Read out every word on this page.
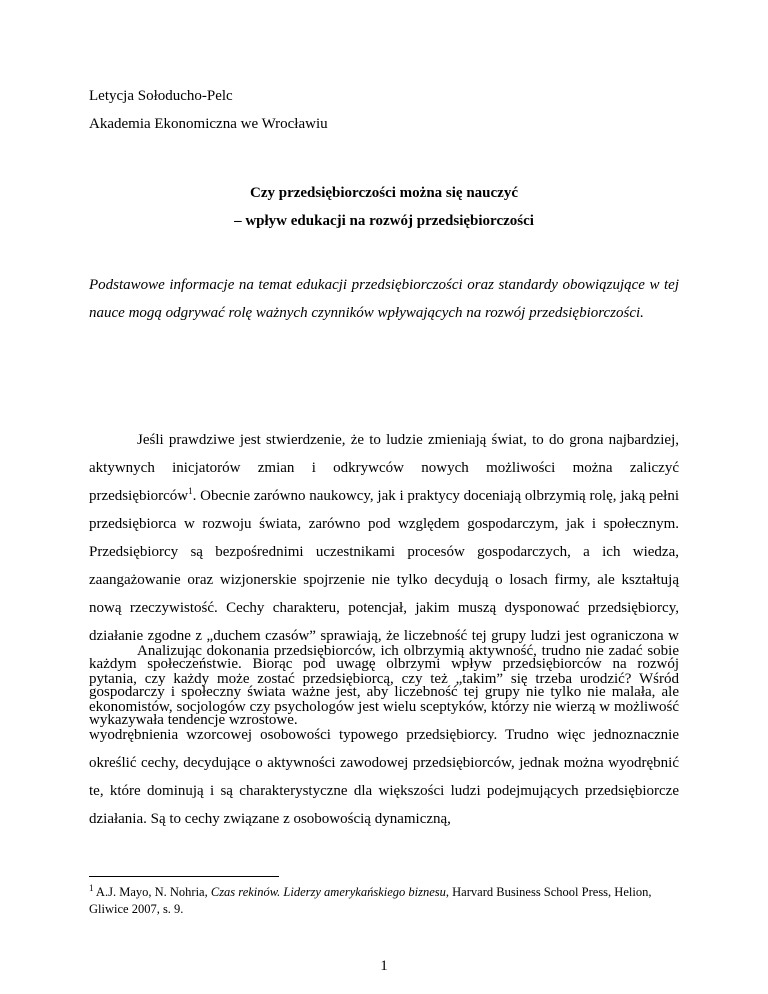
Letycja Sołoducho-Pelc
Akademia Ekonomiczna we Wrocławiu
Czy przedsiębiorczości można się nauczyć
– wpływ edukacji na rozwój przedsiębiorczości

Podstawowe informacje na temat edukacji przedsiębiorczości oraz standardy obowiązujące w tej nauce mogą odgrywać rolę ważnych czynników wpływających na rozwój przedsiębiorczości.

Jeśli prawdziwe jest stwierdzenie, że to ludzie zmieniają świat, to do grona najbardziej, aktywnych inicjatorów zmian i odkrywców nowych możliwości można zaliczyć przedsiębiorców$^1$. Obecnie zarówno naukowcy, jak i praktycy doceniają olbrzymią rolę, jaką pełni przedsiębiorca w rozwoju świata, zarówno pod względem gospodarczym, jak i społecznym. Przedsiębiorcy są bezpośrednimi uczestnikami procesów gospodarczych, a ich wiedza, zaangażowanie oraz wizjonerskie spojrzenie nie tylko decydują o losach firmy, ale kształtują nową rzeczywistość. Cechy charakteru, potencjał, jakim muszą dysponować przedsiębiorcy, działanie zgodne z „duchem czasów” sprawiają, że liczebność tej grupy ludzi jest ograniczona w każdym społeczeństwie. Biorąc pod uwagę olbrzymi wpływ przedsiębiorców na rozwój gospodarczy i społeczny świata ważne jest, aby liczebność tej grupy nie tylko nie malała, ale wykazywała tendencje wzrostowe.

Analizując dokonania przedsiębiorców, ich olbrzymią aktywność, trudno nie zadać sobie pytania, czy każdy może zostać przedsiębiorcą, czy też „takim” się trzeba urodzić? Wśród ekonomistów, socjologów czy psychologów jest wielu sceptyków, którzy nie wierzą w możliwość wyodrębnienia wzorcowej osobowości typowego przedsiębiorcy. Trudno więc jednoznacznie określić cechy, decydujące o aktywności zawodowej przedsiębiorców, jednak można wyodrębnić te, które dominują i są charakterystyczne dla większości ludzi podejmujących przedsiębiorcze działania. Są to cechy związane z osobowością dynamiczną,

$^1$ A.J. Mayo, N. Nohria, Czas rekinów. Liderzy amerykańskiego biznesu, Harvard Business School Press, Helion, Gliwice 2007, s. 9.

1
